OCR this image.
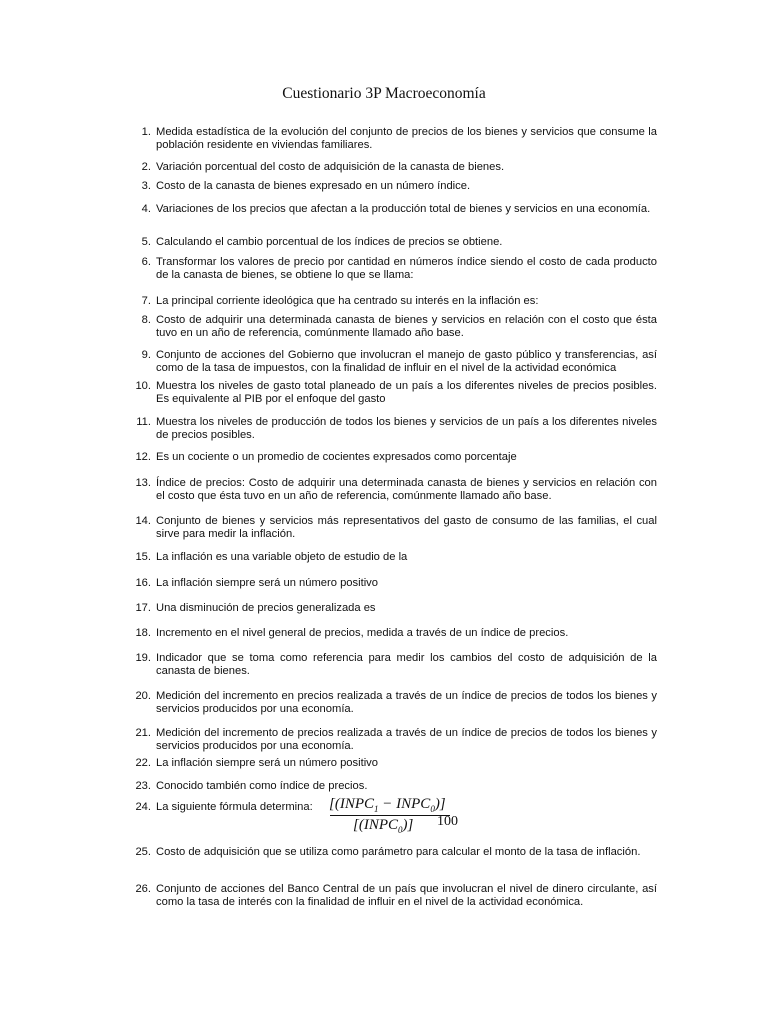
Cuestionario 3P Macroeconomía
1. Medida estadística de la evolución del conjunto de precios de los bienes y servicios que consume la población residente en viviendas familiares.
2. Variación porcentual del costo de adquisición de la canasta de bienes.
3. Costo de la canasta de bienes expresado en un número índice.
4. Variaciones de los precios que afectan a la producción total de bienes y servicios en una economía.
5. Calculando el cambio porcentual de los índices de precios se obtiene.
6. Transformar los valores de precio por cantidad en números índice siendo el costo de cada producto de la canasta de bienes, se obtiene lo que se llama:
7. La principal corriente ideológica que ha centrado su interés en la inflación es:
8. Costo de adquirir una determinada canasta de bienes y servicios en relación con el costo que ésta tuvo en un año de referencia, comúnmente llamado año base.
9. Conjunto de acciones del Gobierno que involucran el manejo de gasto público y transferencias, así como de la tasa de impuestos, con la finalidad de influir en el nivel de la actividad económica
10. Muestra los niveles de gasto total planeado de un país a los diferentes niveles de precios posibles. Es equivalente al PIB por el enfoque del gasto
11. Muestra los niveles de producción de todos los bienes y servicios de un país a los diferentes niveles de precios posibles.
12. Es un cociente o un promedio de cocientes expresados como porcentaje
13. Índice de precios: Costo de adquirir una determinada canasta de bienes y servicios en relación con el costo que ésta tuvo en un año de referencia, comúnmente llamado año base.
14. Conjunto de bienes y servicios más representativos del gasto de consumo de las familias, el cual sirve para medir la inflación.
15. La inflación es una variable objeto de estudio de la
16. La inflación siempre será un número positivo
17. Una disminución de precios generalizada es
18. Incremento en el nivel general de precios, medida a través de un índice de precios.
19. Indicador que se toma como referencia para medir los cambios del costo de adquisición de la canasta de bienes.
20. Medición del incremento en precios realizada a través de un índice de precios de todos los bienes y servicios producidos por una economía.
21. Medición del incremento de precios realizada a través de un índice de precios de todos los bienes y servicios producidos por una economía.
22. La inflación siempre será un número positivo
23. Conocido también como índice de precios.
24. La siguiente fórmula determina:
25. Costo de adquisición que se utiliza como parámetro para calcular el monto de la tasa de inflación.
26. Conjunto de acciones del Banco Central de un país que involucran el nivel de dinero circulante, así como la tasa de interés con la finalidad de influir en el nivel de la actividad económica.
[($INPC_1$ − $INPC_0$)]
$[(INPC_0)]$ 100
